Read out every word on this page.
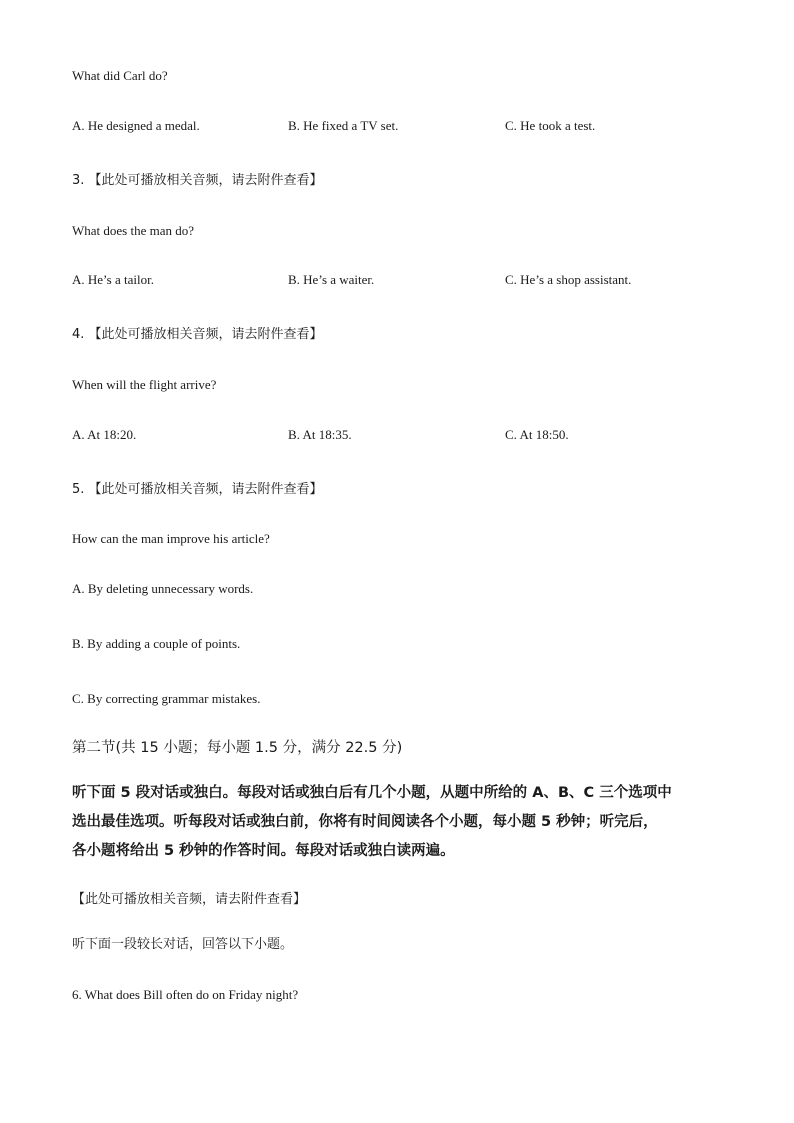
What did Carl do?
A. He designed a medal.	B. He fixed a TV set.	C. He took a test.
3. 【此处可播放相关音频，请去附件查看】
What does the man do?
A. He’s a tailor.	B. He’s a waiter.	C. He’s a shop assistant.
4. 【此处可播放相关音频，请去附件查看】
When will the flight arrive?
A. At 18:20.	B. At 18:35.	C. At 18:50.
5. 【此处可播放相关音频，请去附件查看】
How can the man improve his article?
A. By deleting unnecessary words.
B. By adding a couple of points.
C. By correcting grammar mistakes.
第二节(共 15 小题；每小题 1.5 分，满分 22.5 分)
听下面 5 段对话或独白。每段对话或独白后有几个小题，从题中所给的 A、B、C 三个选项中
选出最佳选项。听每段对话或独白前，你将有时间阅读各个小题，每小题 5 秒钟；听完后，
各小题将给出 5 秒钟的作答时间。每段对话或独白读两遍。
【此处可播放相关音频，请去附件查看】
听下面一段较长对话，回答以下小题。
6. What does Bill often do on Friday night?
